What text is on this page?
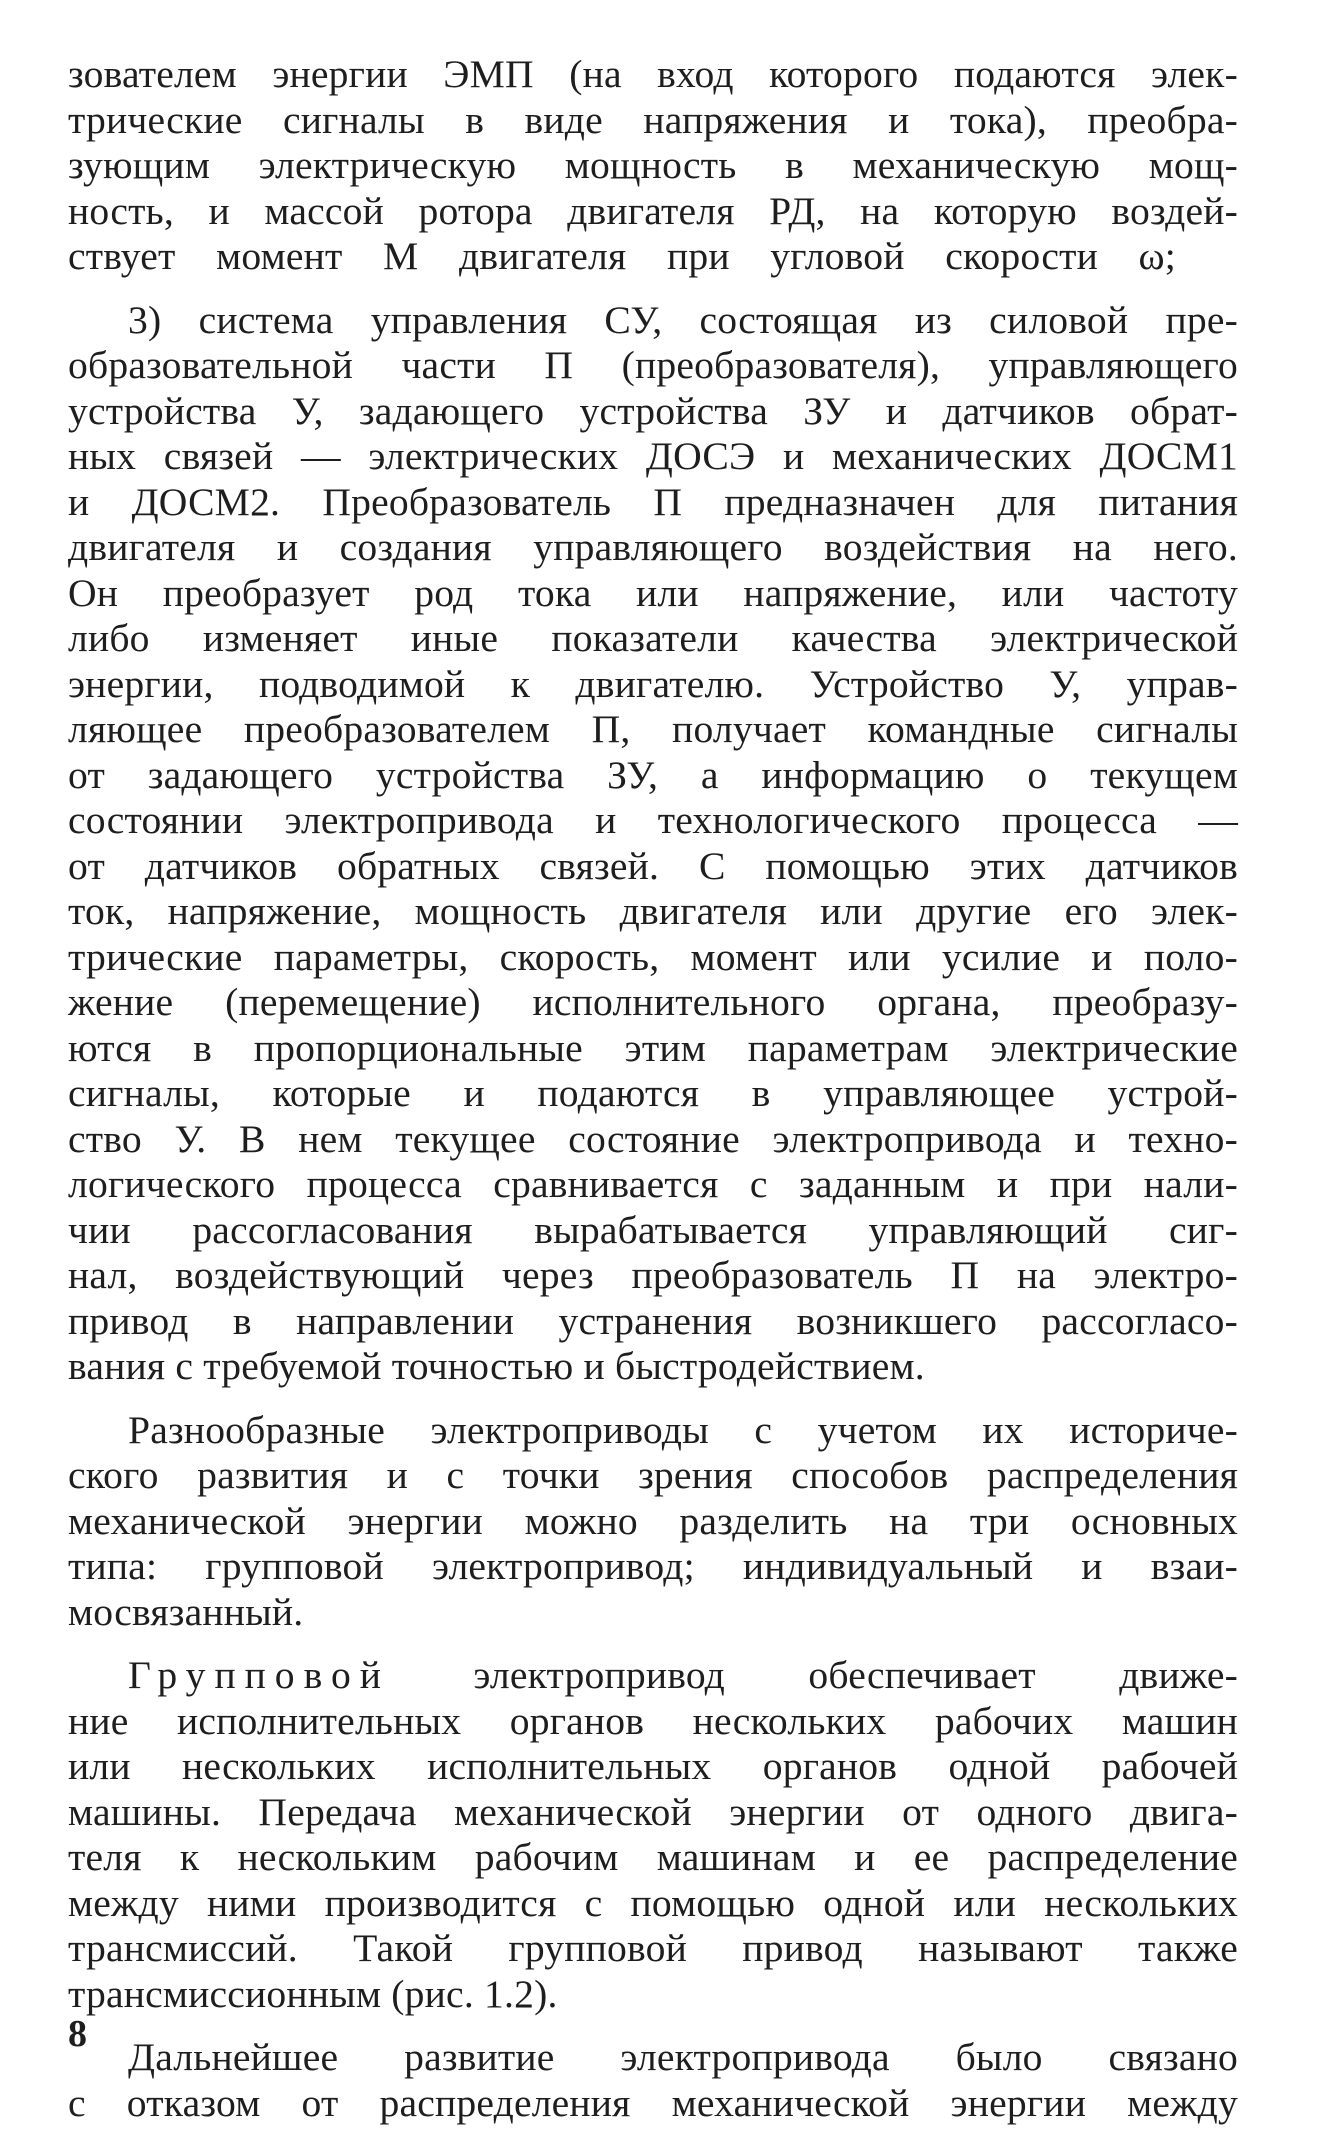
зователем энергии ЭМП (на вход которого подаются элек-
трические сигналы в виде напряжения и тока), преобра-
зующим электрическую мощность в механическую мощ-
ность, и массой ротора двигателя РД, на которую воздей-
ствует момент М двигателя при угловой скорости ω;

3) система управления СУ, состоящая из силовой пре-
образовательной части П (преобразователя), управляющего
устройства У, задающего устройства ЗУ и датчиков обрат-
ных связей — электрических ДОСЭ и механических ДОСМ1
и ДОСМ2. Преобразователь П предназначен для питания
двигателя и создания управляющего воздействия на него.
Он преобразует род тока или напряжение, или частоту
либо изменяет иные показатели качества электрической
энергии, подводимой к двигателю. Устройство У, управ-
ляющее преобразователем П, получает командные сигналы
от задающего устройства ЗУ, а информацию о текущем
состоянии электропривода и технологического процесса —
от датчиков обратных связей. С помощью этих датчиков
ток, напряжение, мощность двигателя или другие его элек-
трические параметры, скорость, момент или усилие и поло-
жение (перемещение) исполнительного органа, преобразу-
ются в пропорциональные этим параметрам электрические
сигналы, которые и подаются в управляющее устрой-
ство У. В нем текущее состояние электропривода и техно-
логического процесса сравнивается с заданным и при нали-
чии рассогласования вырабатывается управляющий сиг-
нал, воздействующий через преобразователь П на электро-
привод в направлении устранения возникшего рассогласо-
вания с требуемой точностью и быстродействием.

Разнообразные электроприводы с учетом их историче-
ского развития и с точки зрения способов распределения
механической энергии можно разделить на три основных
типа: групповой электропривод; индивидуальный и взаи-
мосвязанный.

Групповой электропривод обеспечивает движе-
ние исполнительных органов нескольких рабочих машин
или нескольких исполнительных органов одной рабочей
машины. Передача механической энергии от одного двига-
теля к нескольким рабочим машинам и ее распределение
между ними производится с помощью одной или нескольких
трансмиссий. Такой групповой привод называют также
трансмиссионным (рис. 1.2).

Дальнейшее развитие электропривода было связано
с отказом от распределения механической энергии между

8
